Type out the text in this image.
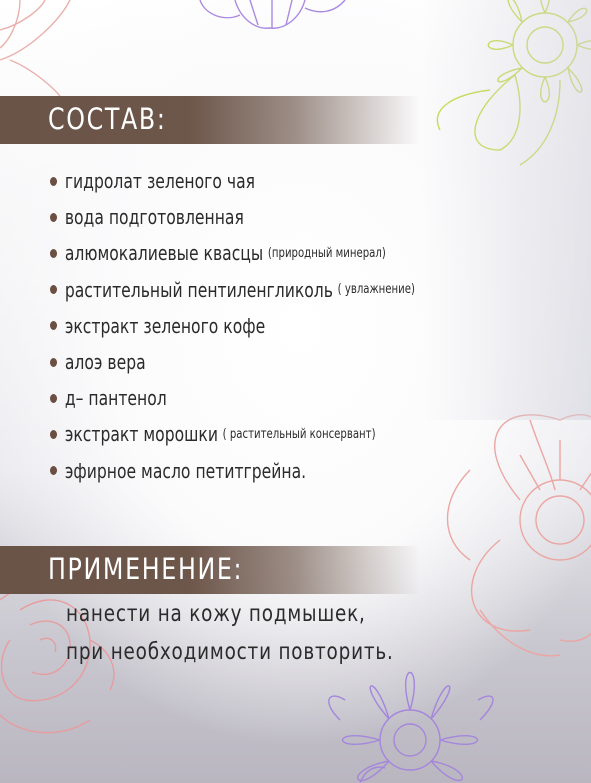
СОСТАВ:
гидролат зеленого чая
вода подготовленная
алюмокалиевые квасцы (природный минерал)
растительный пентиленгликоль ( увлажнение)
экстракт зеленого кофе
алоэ вера
д– пантенол
экстракт морошки ( растительный консервант)
эфирное масло петитгрейна.
ПРИМЕНЕНИЕ:

нанести на кожу подмышек,
при необходимости повторить.
